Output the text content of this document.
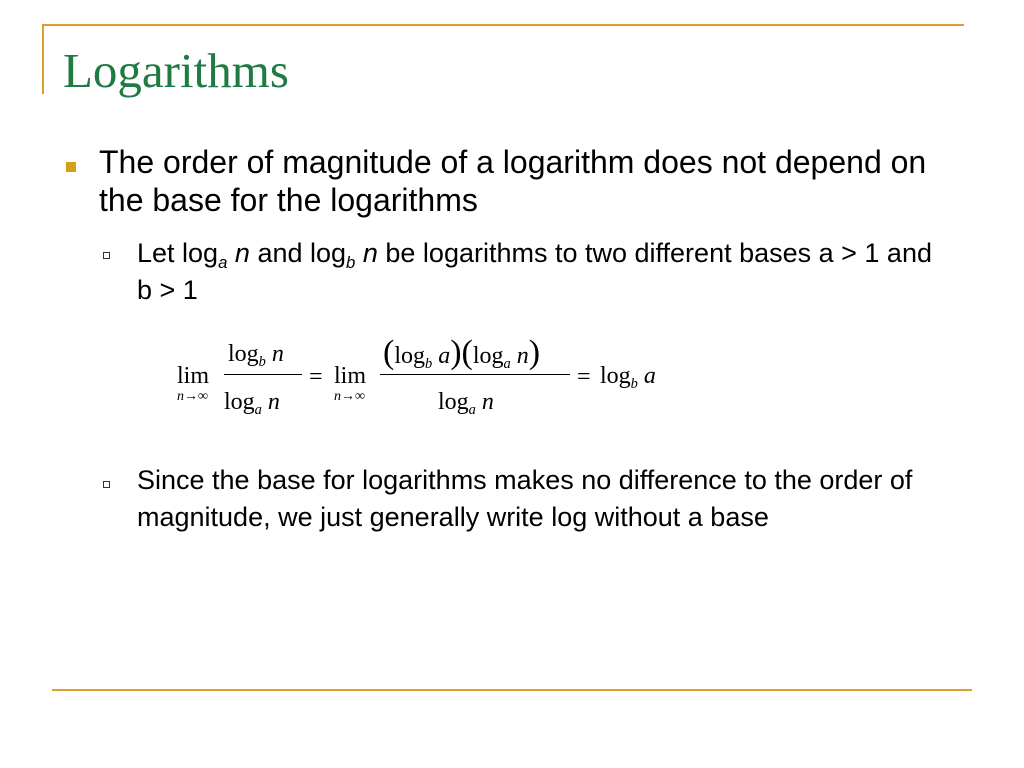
Logarithms

The order of magnitude of a logarithm does not depend on the base for the logarithms

Let $\log_a n$ and $\log_b n$ be logarithms to two different bases a > 1 and b > 1

lim
n→∞
$\log_b n$
$\log_a n$
= lim
n→∞
($\log_b$ $a)(\log_a$ n)
$\log_a n$
= $\log_b a$

Since the base for logarithms makes no difference to the order of magnitude, we just generally write log without a base
